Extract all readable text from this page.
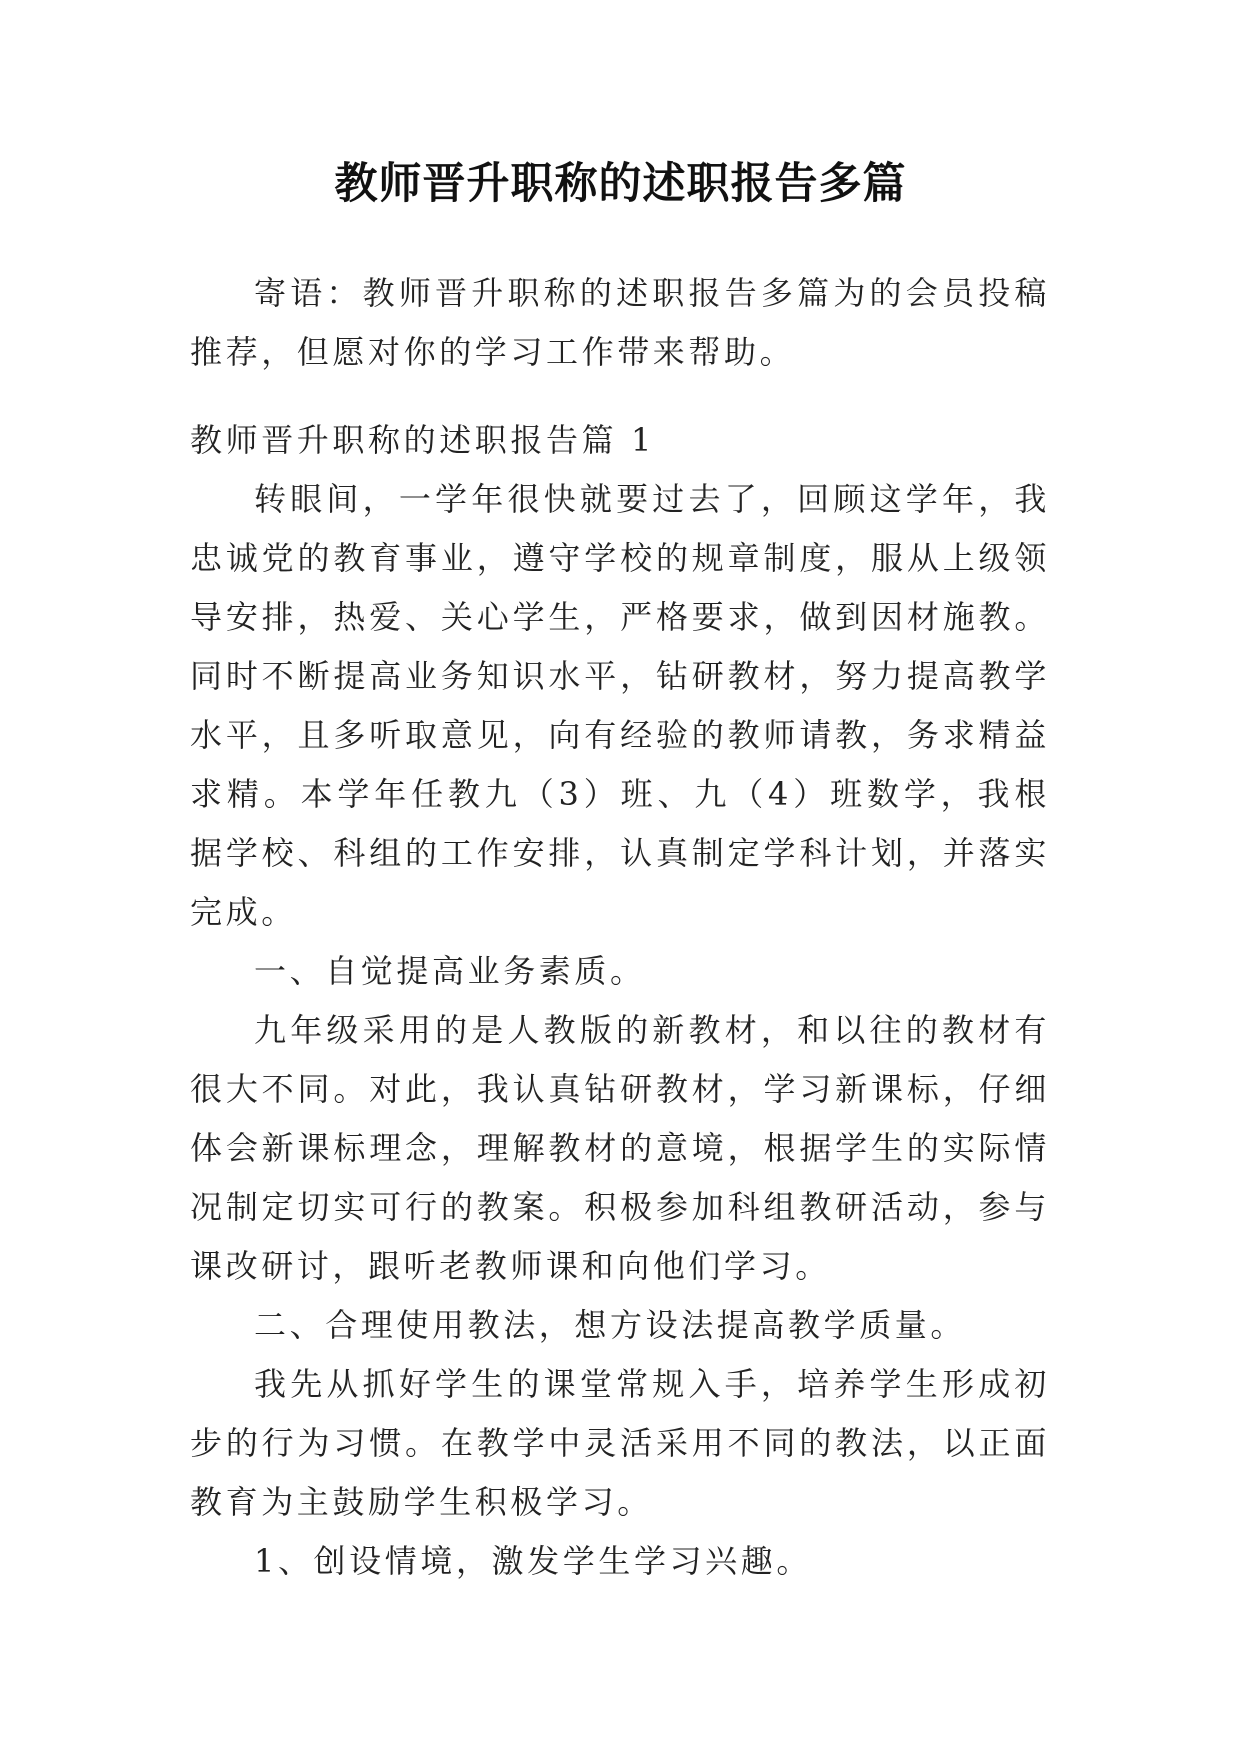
教师晋升职称的述职报告多篇

寄语：教师晋升职称的述职报告多篇为的会员投稿推荐，但愿对你的学习工作带来帮助。

教师晋升职称的述职报告篇 1

转眼间，一学年很快就要过去了，回顾这学年，我忠诚党的教育事业，遵守学校的规章制度，服从上级领导安排，热爱、关心学生，严格要求，做到因材施教。同时不断提高业务知识水平，钻研教材，努力提高教学水平，且多听取意见，向有经验的教师请教，务求精益求精。本学年任教九（3）班、九（4）班数学，我根据学校、科组的工作安排，认真制定学科计划，并落实完成。

一、自觉提高业务素质。

九年级采用的是人教版的新教材，和以往的教材有很大不同。对此，我认真钻研教材，学习新课标，仔细体会新课标理念，理解教材的意境，根据学生的实际情况制定切实可行的教案。积极参加科组教研活动，参与课改研讨，跟听老教师课和向他们学习。

二、合理使用教法，想方设法提高教学质量。

我先从抓好学生的课堂常规入手，培养学生形成初步的行为习惯。在教学中灵活采用不同的教法，以正面教育为主鼓励学生积极学习。

1、创设情境，激发学生学习兴趣。
